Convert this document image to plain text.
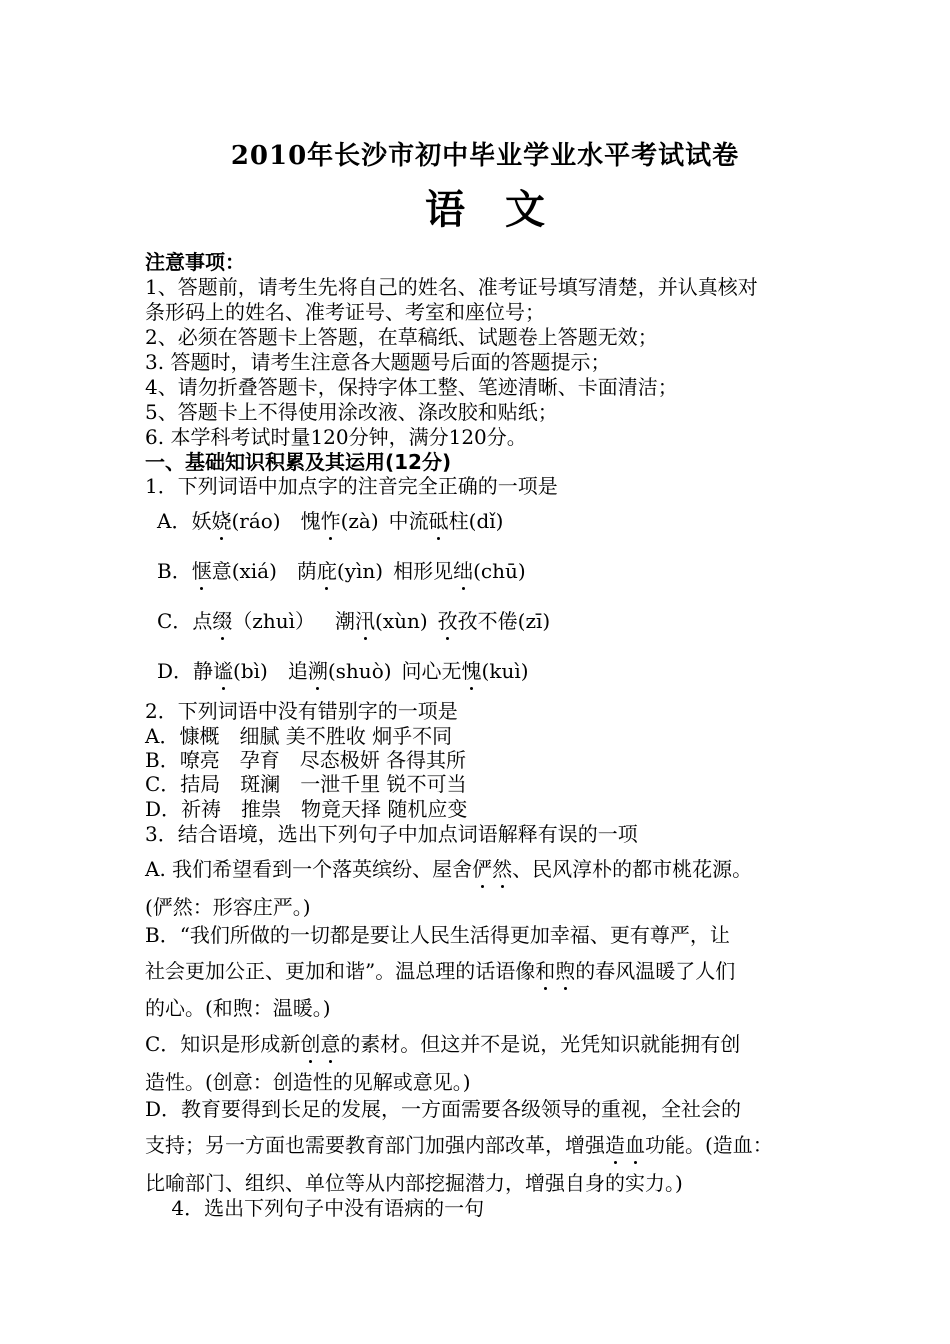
2010年长沙市初中毕业学业水平考试试卷
语 文
注意事项：
1、答题前，请考生先将自己的姓名、准考证号填写清楚，并认真核对
条形码上的姓名、准考证号、考室和座位号；
2、必须在答题卡上答题，在草稿纸、试题卷上答题无效；
3. 答题时，请考生注意各大题题号后面的答题提示；
4、请勿折叠答题卡，保持字体工整、笔迹清晰、卡面清洁；
5、答题卡上不得使用涂改液、涤改胶和贴纸；
6. 本学科考试时量120分钟，满分120分。
一、基础知识积累及其运用(12分)
1．下列词语中加点字的注音完全正确的一项是
A．妖娆(ráo)　 愧怍(zà)  中流砥柱(dǐ)
B．惬意(xiá)　 荫庇(yìn)  相形见绌(chū)
C．点缀（zhuì）   潮汛(xùn)  孜孜不倦(zī)
D．静谧(bì)　 追溯(shuò)  问心无愧(kuì)
2．下列词语中没有错别字的一项是
A．慷概　细腻 美不胜收 炯乎不同
B．嘹亮　孕育　尽态极妍 各得其所
C．拮局　斑澜　一泄千里 锐不可当
D．祈祷　推祟　物竟天择 随机应变
3．结合语境，选出下列句子中加点词语解释有误的一项
A. 我们希望看到一个落英缤纷、屋舍俨然、民风淳朴的都市桃花源。
(俨然：形容庄严。)
B．“我们所做的一切都是要让人民生活得更加幸福、更有尊严，让
社会更加公正、更加和谐”。温总理的话语像和煦的春风温暖了人们
的心。(和煦：温暖。)
C．知识是形成新创意的素材。但这并不是说，光凭知识就能拥有创
造性。(创意：创造性的见解或意见。)
D．教育要得到长足的发展，一方面需要各级领导的重视，全社会的
支持；另一方面也需要教育部门加强内部改革，增强造血功能。(造血：
比喻部门、组织、单位等从内部挖掘潜力，增强自身的实力。)
　 4．选出下列句子中没有语病的一句
